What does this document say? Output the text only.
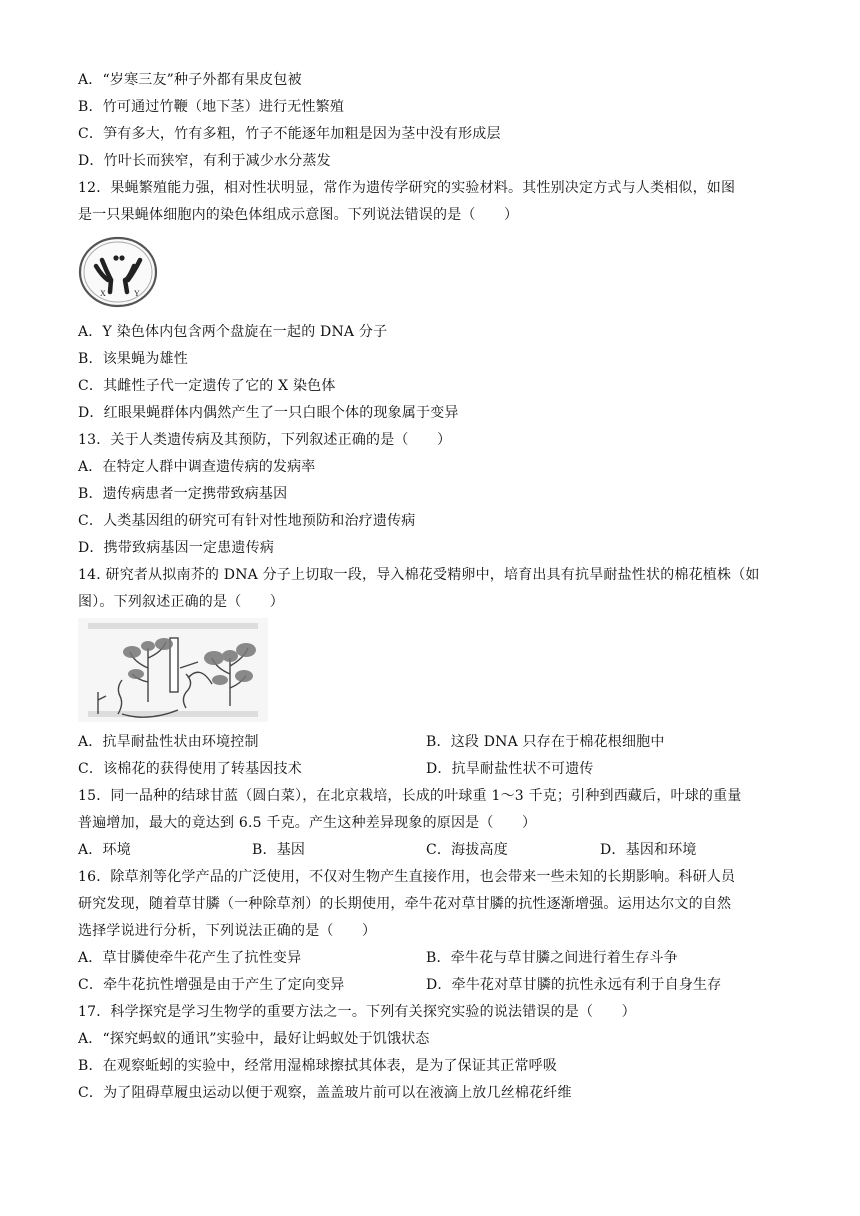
A．“岁寒三友”种子外都有果皮包被
B．竹可通过竹鞭（地下茎）进行无性繁殖
C．笋有多大，竹有多粗，竹子不能逐年加粗是因为茎中没有形成层
D．竹叶长而狭窄，有利于减少水分蒸发
12．果蝇繁殖能力强，相对性状明显，常作为遗传学研究的实验材料。其性别决定方式与人类相似，如图
是一只果蝇体细胞内的染色体组成示意图。下列说法错误的是（　　）
X	Y
A．Y 染色体内包含两个盘旋在一起的 DNA 分子
B．该果蝇为雄性
C．其雌性子代一定遗传了它的 X 染色体
D．红眼果蝇群体内偶然产生了一只白眼个体的现象属于变异
13．关于人类遗传病及其预防，下列叙述正确的是（　　）
A．在特定人群中调查遗传病的发病率
B．遗传病患者一定携带致病基因
C．人类基因组的研究可有针对性地预防和治疗遗传病
D．携带致病基因一定患遗传病
14. 研究者从拟南芥的 DNA 分子上切取一段，导入棉花受精卵中，培育出具有抗旱耐盐性状的棉花植株（如
图）。下列叙述正确的是（　　）
A．抗旱耐盐性状由环境控制	B．这段 DNA 只存在于棉花根细胞中
C．该棉花的获得使用了转基因技术	D．抗旱耐盐性状不可遗传
15．同一品种的结球甘蓝（圆白菜），在北京栽培，长成的叶球重 1～3 千克；引种到西藏后，叶球的重量
普遍增加，最大的竟达到 6.5 千克。产生这种差异现象的原因是（　　）
A．环境	B．基因	C．海拔高度	D．基因和环境
16．除草剂等化学产品的广泛使用，不仅对生物产生直接作用，也会带来一些未知的长期影响。科研人员
研究发现，随着草甘膦（一种除草剂）的长期使用，牵牛花对草甘膦的抗性逐渐增强。运用达尔文的自然
选择学说进行分析，下列说法正确的是（　　）
A．草甘膦使牵牛花产生了抗性变异	B．牵牛花与草甘膦之间进行着生存斗争
C．牵牛花抗性增强是由于产生了定向变异	D．牵牛花对草甘膦的抗性永远有利于自身生存
17．科学探究是学习生物学的重要方法之一。下列有关探究实验的说法错误的是（　　）
A．“探究蚂蚁的通讯”实验中，最好让蚂蚁处于饥饿状态
B．在观察蚯蚓的实验中，经常用湿棉球擦拭其体表，是为了保证其正常呼吸
C．为了阻碍草履虫运动以便于观察，盖盖玻片前可以在液滴上放几丝棉花纤维
